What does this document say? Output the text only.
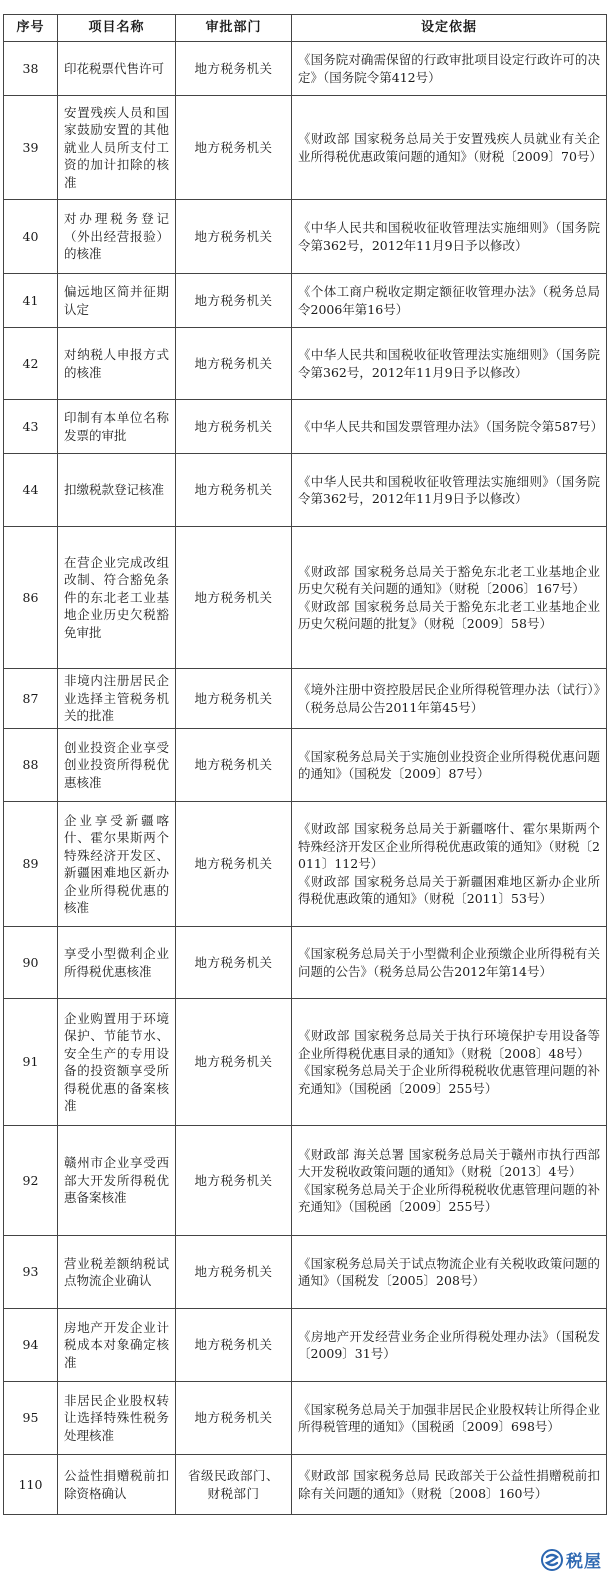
序号	项目名称	审批部门	设定依据
38	印花税票代售许可	地方税务机关	《国务院对确需保留的行政审批项目设定行政许可的决定》（国务院令第412号）

39	安置残疾人员和国家鼓励安置的其他就业人员所支付工资的加计扣除的核准	地方税务机关	《财政部 国家税务总局关于安置残疾人员就业有关企业所得税优惠政策问题的通知》（财税〔2009〕70号）

40	对办理税务登记（外出经营报验）的核准	地方税务机关	《中华人民共和国税收征收管理法实施细则》（国务院令第362号，2012年11月9日予以修改）

41	偏远地区简并征期认定	地方税务机关	《个体工商户税收定期定额征收管理办法》（税务总局令2006年第16号）

42	对纳税人申报方式的核准	地方税务机关	《中华人民共和国税收征收管理法实施细则》（国务院令第362号，2012年11月9日予以修改）

43	印制有本单位名称发票的审批	地方税务机关	《中华人民共和国发票管理办法》（国务院令第587号）

44	扣缴税款登记核准	地方税务机关	《中华人民共和国税收征收管理法实施细则》（国务院令第362号，2012年11月9日予以修改）

86	在营企业完成改组改制、符合豁免条件的东北老工业基地企业历史欠税豁免审批	地方税务机关	《财政部 国家税务总局关于豁免东北老工业基地企业历史欠税有关问题的通知》（财税〔2006〕167号）
《财政部 国家税务总局关于豁免东北老工业基地企业历史欠税问题的批复》（财税〔2009〕58号）

87	非境内注册居民企业选择主管税务机关的批准	地方税务机关	《境外注册中资控股居民企业所得税管理办法（试行）》（税务总局公告2011年第45号）

88	创业投资企业享受创业投资所得税优惠核准	地方税务机关	《国家税务总局关于实施创业投资企业所得税优惠问题的通知》（国税发〔2009〕87号）

89	企业享受新疆喀什、霍尔果斯两个特殊经济开发区、新疆困难地区新办企业所得税优惠的核准	地方税务机关	《财政部 国家税务总局关于新疆喀什、霍尔果斯两个特殊经济开发区企业所得税优惠政策的通知》（财税〔2011〕112号）
《财政部 国家税务总局关于新疆困难地区新办企业所得税优惠政策的通知》（财税〔2011〕53号）

90	享受小型微利企业所得税优惠核准	地方税务机关	《国家税务总局关于小型微利企业预缴企业所得税有关问题的公告》（税务总局公告2012年第14号）

91	企业购置用于环境保护、节能节水、安全生产的专用设备的投资额享受所得税优惠的备案核准	地方税务机关	《财政部 国家税务总局关于执行环境保护专用设备等企业所得税优惠目录的通知》（财税〔2008〕48号）
《国家税务总局关于企业所得税税收优惠管理问题的补充通知》（国税函〔2009〕255号）

92	赣州市企业享受西部大开发所得税优惠备案核准	地方税务机关	《财政部 海关总署 国家税务总局关于赣州市执行西部大开发税收政策问题的通知》（财税〔2013〕4号）
《国家税务总局关于企业所得税税收优惠管理问题的补充通知》（国税函〔2009〕255号）

93	营业税差额纳税试点物流企业确认	地方税务机关	《国家税务总局关于试点物流企业有关税收政策问题的通知》（国税发〔2005〕208号）

94	房地产开发企业计税成本对象确定核准	地方税务机关	《房地产开发经营业务企业所得税处理办法》（国税发〔2009〕31号）

95	非居民企业股权转让选择特殊性税务处理核准	地方税务机关	《国家税务总局关于加强非居民企业股权转让所得企业所得税管理的通知》（国税函〔2009〕698号）

110	公益性捐赠税前扣除资格确认	省级民政部门、财税部门	《财政部 国家税务总局 民政部关于公益性捐赠税前扣除有关问题的通知》（财税〔2008〕160号）
税屋
